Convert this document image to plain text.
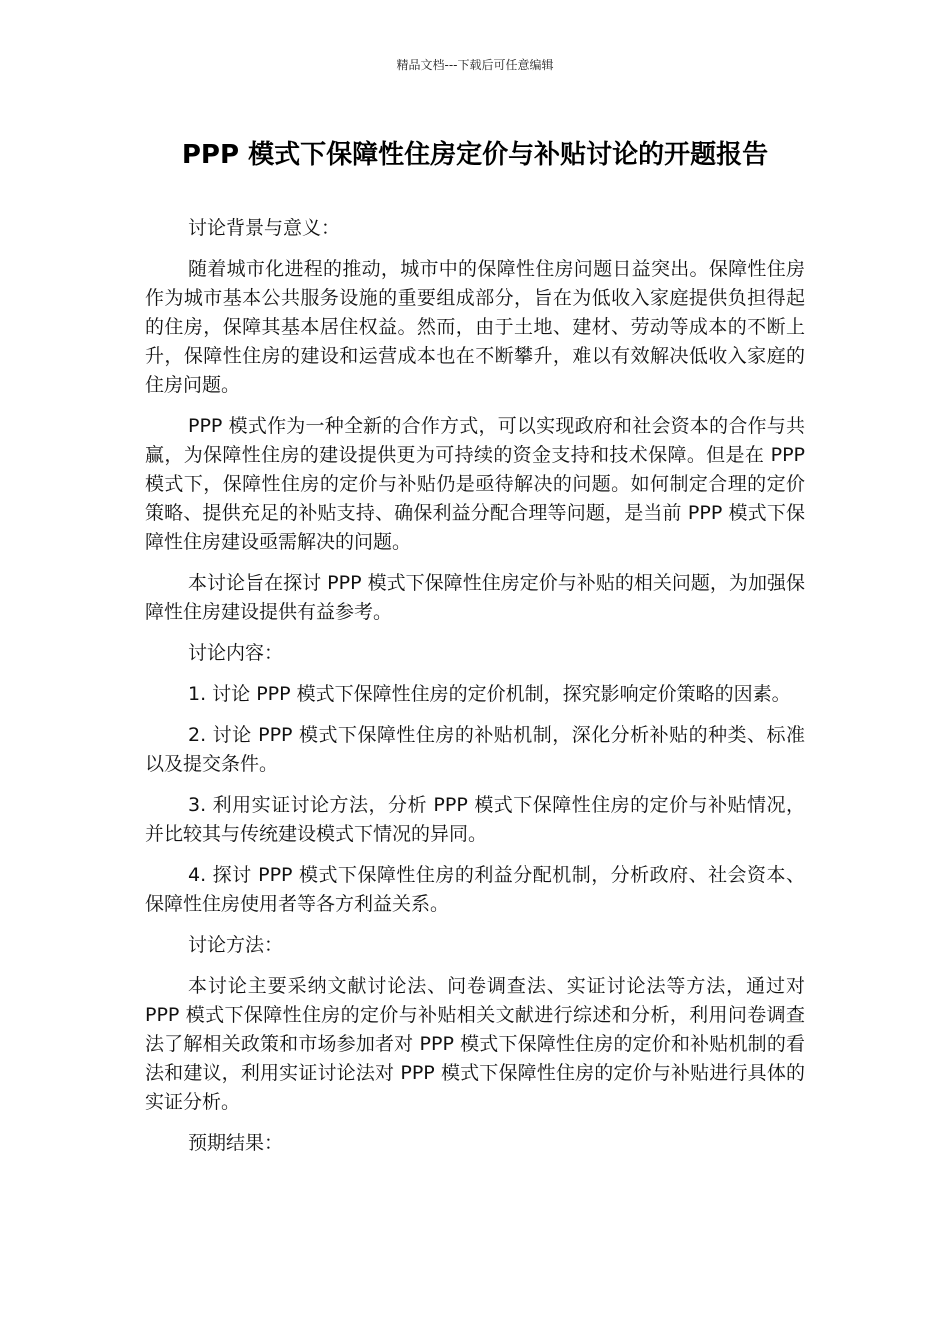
精品文档---下载后可任意编辑
PPP 模式下保障性住房定价与补贴讨论的开题报告

讨论背景与意义：

随着城市化进程的推动，城市中的保障性住房问题日益突出。保障性住房作为城市基本公共服务设施的重要组成部分，旨在为低收入家庭提供负担得起的住房，保障其基本居住权益。然而，由于土地、建材、劳动等成本的不断上升，保障性住房的建设和运营成本也在不断攀升，难以有效解决低收入家庭的住房问题。

PPP 模式作为一种全新的合作方式，可以实现政府和社会资本的合作与共赢，为保障性住房的建设提供更为可持续的资金支持和技术保障。但是在 PPP 模式下，保障性住房的定价与补贴仍是亟待解决的问题。如何制定合理的定价策略、提供充足的补贴支持、确保利益分配合理等问题，是当前 PPP 模式下保障性住房建设亟需解决的问题。

本讨论旨在探讨 PPP 模式下保障性住房定价与补贴的相关问题，为加强保障性住房建设提供有益参考。

讨论内容：

1. 讨论 PPP 模式下保障性住房的定价机制，探究影响定价策略的因素。

2. 讨论 PPP 模式下保障性住房的补贴机制，深化分析补贴的种类、标准以及提交条件。

3. 利用实证讨论方法，分析 PPP 模式下保障性住房的定价与补贴情况，并比较其与传统建设模式下情况的异同。

4. 探讨 PPP 模式下保障性住房的利益分配机制，分析政府、社会资本、保障性住房使用者等各方利益关系。

讨论方法：

本讨论主要采纳文献讨论法、问卷调查法、实证讨论法等方法，通过对 PPP 模式下保障性住房的定价与补贴相关文献进行综述和分析，利用问卷调查法了解相关政策和市场参加者对 PPP 模式下保障性住房的定价和补贴机制的看法和建议，利用实证讨论法对 PPP 模式下保障性住房的定价与补贴进行具体的实证分析。

预期结果：
